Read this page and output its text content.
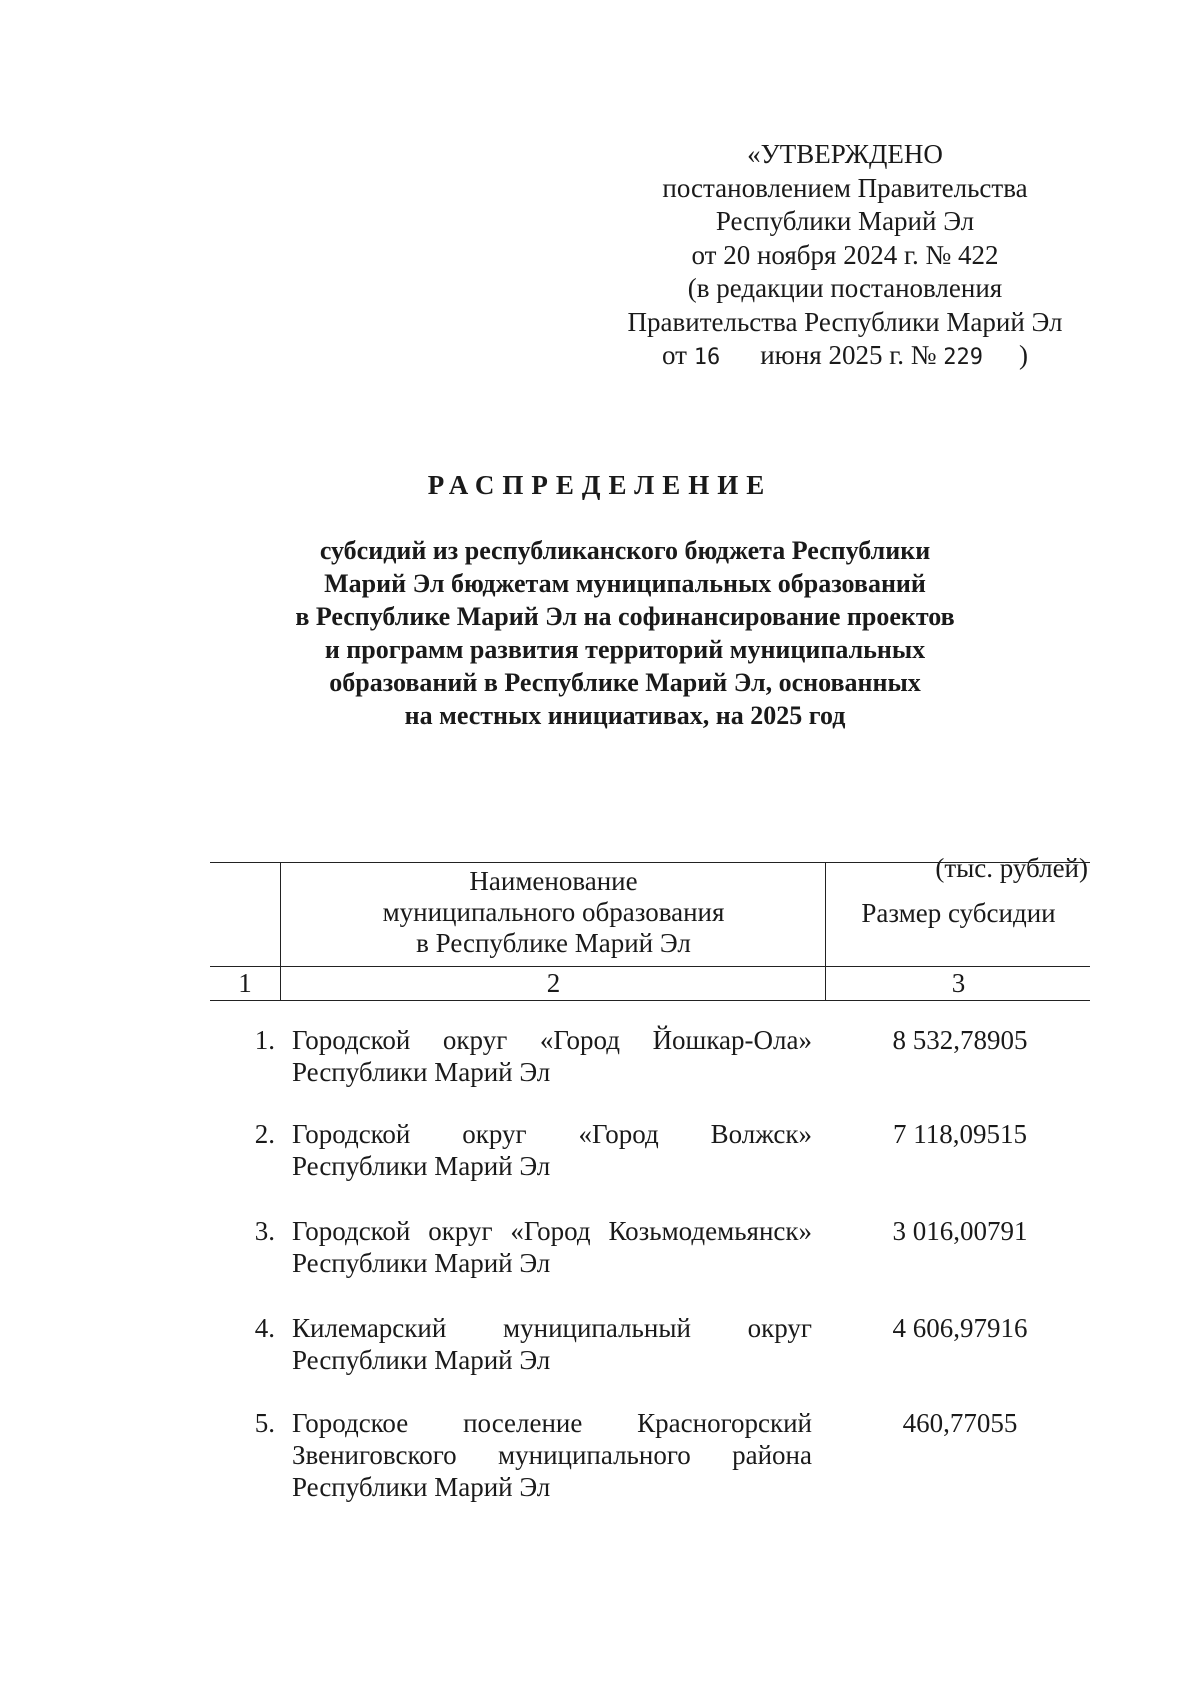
«УТВЕРЖДЕНО
постановлением Правительства
Республики Марий Эл
от 20 ноября 2024 г. № 422
(в редакции постановления
Правительства Республики Марий Эл
от 16 июня 2025 г. № 229 )
РАСПРЕДЕЛЕНИЕ
субсидий из республиканского бюджета Республики
Марий Эл бюджетам муниципальных образований
в Республике Марий Эл на софинансирование проектов
и программ развития территорий муниципальных
образований в Республике Марий Эл, основанных
на местных инициативах, на 2025 год
(тыс. рублей)
Наименование
муниципального образования
в Республике Марий Эл
Размер субсидии
1	2	3
1. Городской округ «Город Йошкар-Ола»
Республики Марий Эл
8 532,78905
2. Городской округ «Город Волжск»
Республики Марий Эл
7 118,09515
3. Городской округ «Город Козьмодемьянск»
Республики Марий Эл
3 016,00791
4. Килемарский муниципальный округ
Республики Марий Эл
4 606,97916
5. Городское поселение Красногорский
Звениговского муниципального района
Республики Марий Эл
460,77055
